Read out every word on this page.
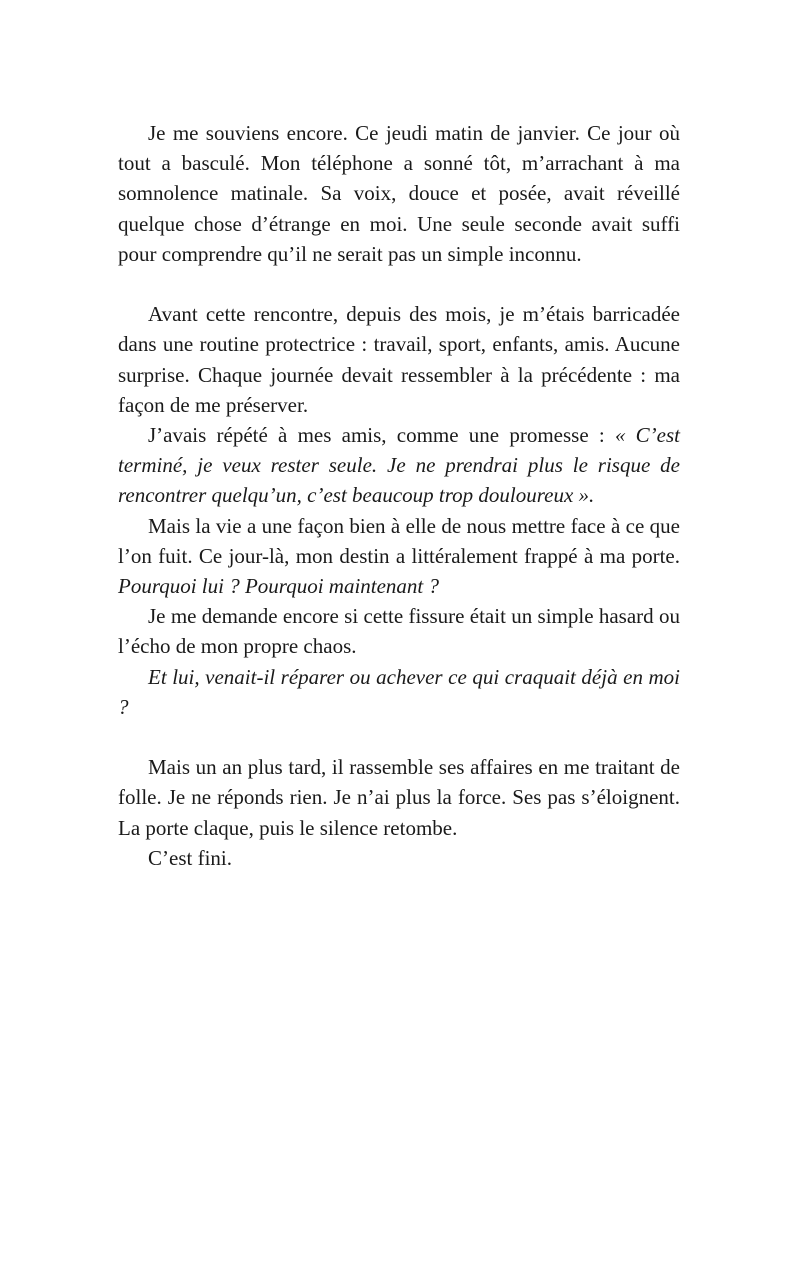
Je me souviens encore. Ce jeudi matin de janvier. Ce jour où tout a basculé. Mon téléphone a sonné tôt, m’arrachant à ma somnolence matinale. Sa voix, douce et posée, avait réveillé quelque chose d’étrange en moi. Une seule seconde avait suffi pour comprendre qu’il ne serait pas un simple inconnu.

Avant cette rencontre, depuis des mois, je m’étais barricadée dans une routine protectrice : travail, sport, enfants, amis. Aucune surprise. Chaque journée devait ressembler à la précédente : ma façon de me préserver.

J’avais répété à mes amis, comme une promesse : « C’est terminé, je veux rester seule. Je ne prendrai plus le risque de rencontrer quelqu’un, c’est beaucoup trop douloureux ».

Mais la vie a une façon bien à elle de nous mettre face à ce que l’on fuit. Ce jour-là, mon destin a littéralement frappé à ma porte. Pourquoi lui ? Pourquoi maintenant ?

Je me demande encore si cette fissure était un simple hasard ou l’écho de mon propre chaos.

Et lui, venait-il réparer ou achever ce qui craquait déjà en moi ?

Mais un an plus tard, il rassemble ses affaires en me traitant de folle. Je ne réponds rien. Je n’ai plus la force. Ses pas s’éloignent. La porte claque, puis le silence retombe.

C’est fini.
